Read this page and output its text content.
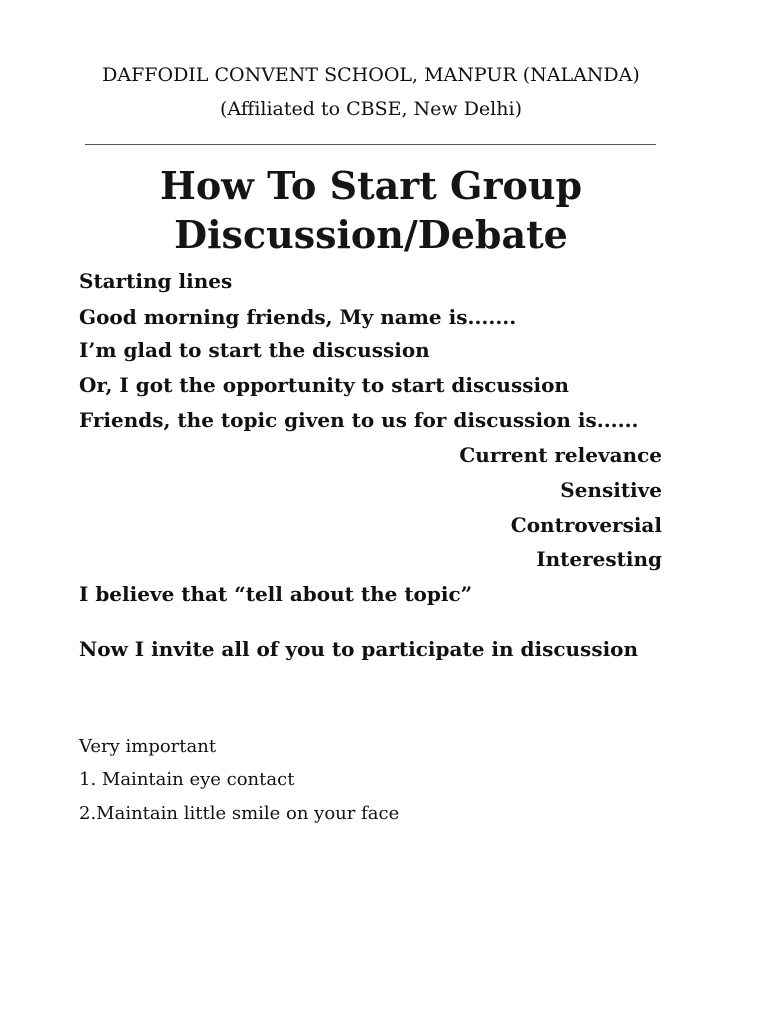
DAFFODIL CONVENT SCHOOL, MANPUR (NALANDA)
(Affiliated to CBSE, New Delhi)
How To Start Group
Discussion/Debate
Starting lines
Good morning friends, My name is.......
I’m glad to start the discussion
Or, I got the opportunity to start discussion
Friends, the topic given to us for discussion is......
Current relevance
Sensitive
Controversial
Interesting
I believe that “tell about the topic”
Now I invite all of you to participate in discussion
Very important
1. Maintain eye contact
2.Maintain little smile on your face
